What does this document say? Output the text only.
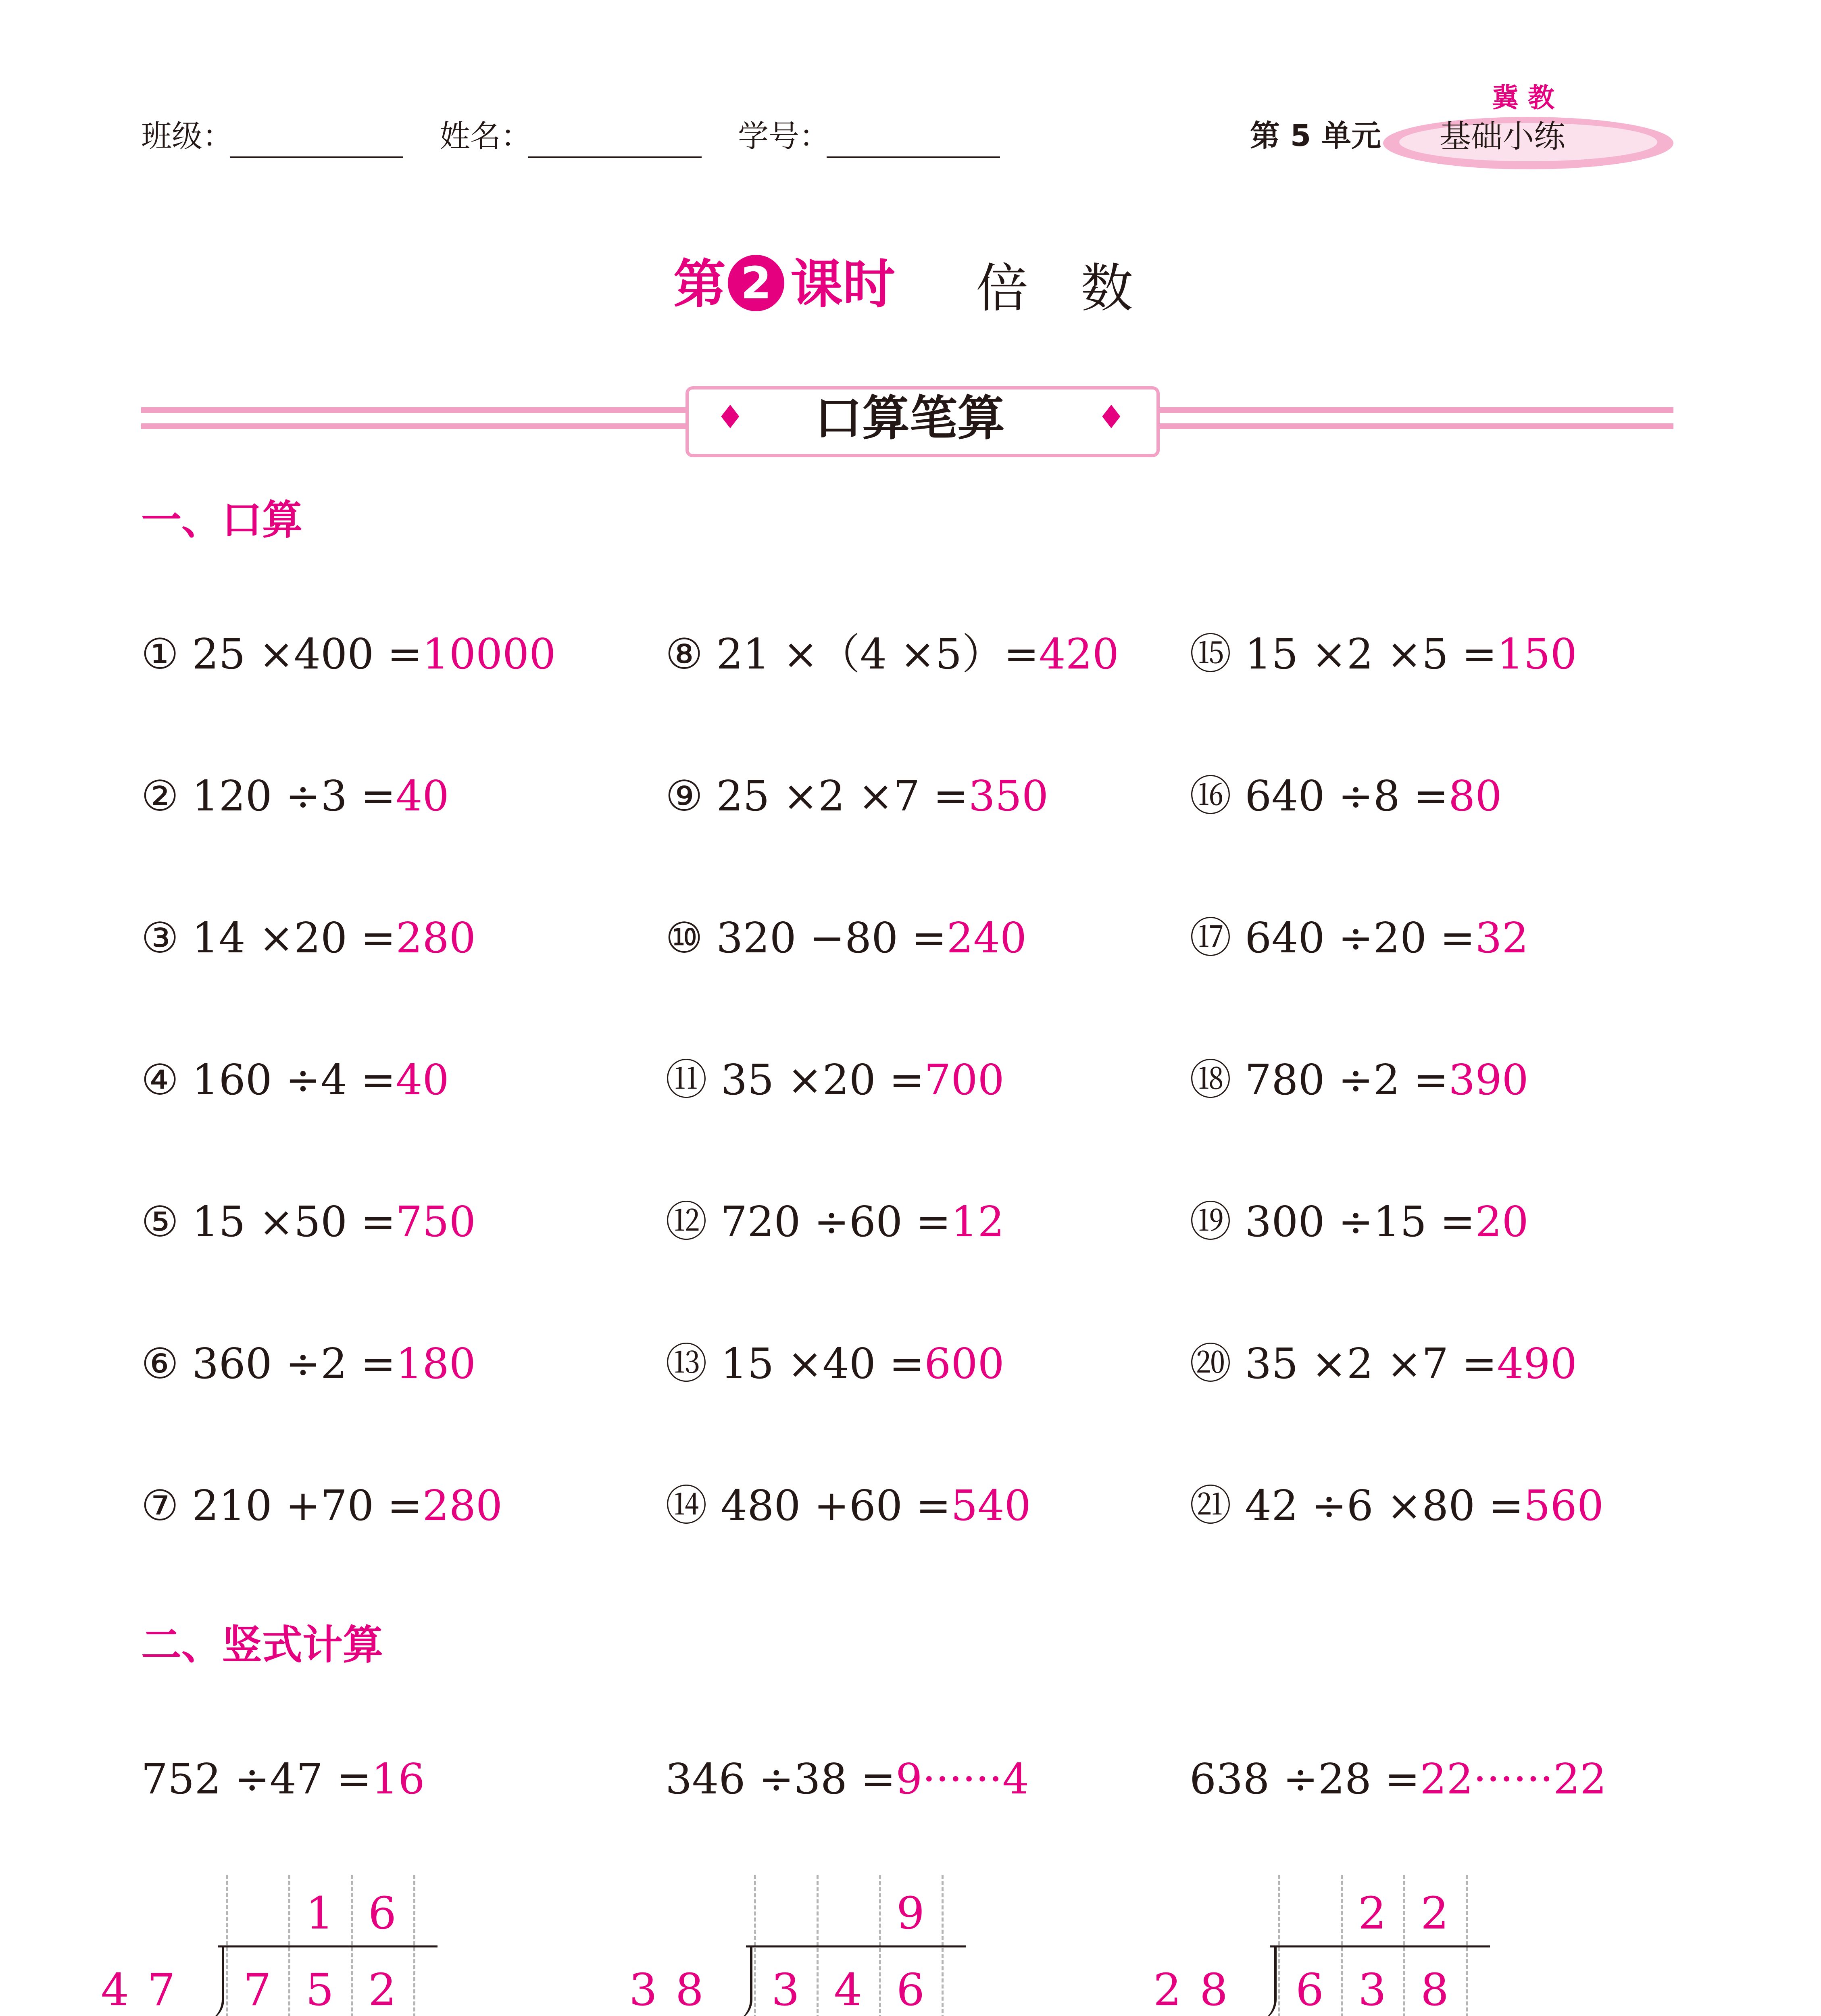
班级：	姓名：	学号：	第 5 单元
冀 教
基础小练
第 2 课时 倍　数
♦ 口算笔算	♦
一、口算
① 25 ×400 =10000	⑧ 21 ×（4 ×5）=420 ⑮ 15 ×2 ×5 =150
② 120 ÷3 =40	⑨ 25 ×2 ×7 =350	⑯ 640 ÷8 =80
③ 14 ×20 =280	⑩ 320 −80 =240	⑰ 640 ÷20 =32
④ 160 ÷4 =40	⑪ 35 ×20 =700	⑱ 780 ÷2 =390
⑤ 15 ×50 =750	⑫ 720 ÷60 =12	⑲ 300 ÷15 =20
⑥ 360 ÷2 =180	⑬ 15 ×40 =600	⑳ 35 ×2 ×7 =490
⑦ 210 +70 =280	⑭ 480 +60 =540	㉑ 42 ÷6 ×80 =560
二、竖式计算
752 ÷47 =16
1 6
4 7	7 5 2
346 ÷38 =9······4
9
3 8	3 4 6
638 ÷28 =22······22
2 2
2 8	6 3 8
